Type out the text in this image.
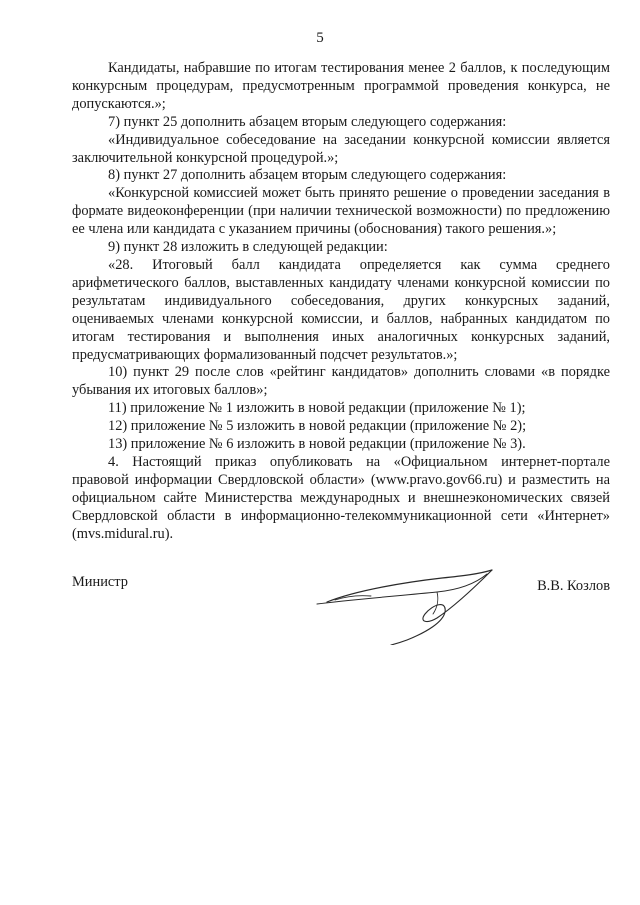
5

Кандидаты, набравшие по итогам тестирования менее 2 баллов, к последующим конкурсным процедурам, предусмотренным программой проведения конкурса, не допускаются.»;

7) пункт 25 дополнить абзацем вторым следующего содержания:

«Индивидуальное собеседование на заседании конкурсной комиссии является заключительной конкурсной процедурой.»;

8) пункт 27 дополнить абзацем вторым следующего содержания:

«Конкурсной комиссией может быть принято решение о проведении заседания в формате видеоконференции (при наличии технической возможности) по предложению ее члена или кандидата с указанием причины (обоснования) такого решения.»;

9) пункт 28 изложить в следующей редакции:

«28. Итоговый балл кандидата определяется как сумма среднего арифметического баллов, выставленных кандидату членами конкурсной комиссии по результатам индивидуального собеседования, других конкурсных заданий, оцениваемых членами конкурсной комиссии, и баллов, набранных кандидатом по итогам тестирования и выполнения иных аналогичных конкурсных заданий, предусматривающих формализованный подсчет результатов.»;

10) пункт 29 после слов «рейтинг кандидатов» дополнить словами «в порядке убывания их итоговых баллов»;

11) приложение № 1 изложить в новой редакции (приложение № 1);

12) приложение № 5 изложить в новой редакции (приложение № 2);

13) приложение № 6 изложить в новой редакции (приложение № 3).

4. Настоящий приказ опубликовать на «Официальном интернет-портале правовой информации Свердловской области» (www.pravo.gov66.ru) и разместить на официальном сайте Министерства международных и внешнеэкономических связей Свердловской области в информационно-телекоммуникационной сети «Интернет» (mvs.midural.ru).

Министр	В.В. Козлов
